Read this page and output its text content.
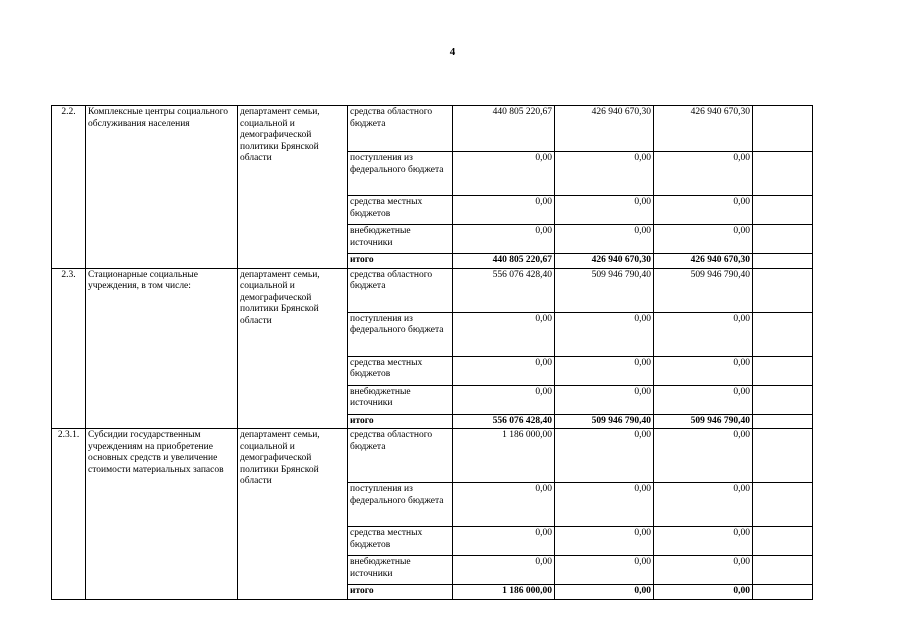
4
2.2.	Комплексные центры социального обслуживания населения	департамент семьи, социальной и демографической политики Брянской области	средства областного бюджета	440 805 220,67	426 940 670,30	426 940 670,30	
			поступления из федерального бюджета	0,00	0,00	0,00	
			средства местных бюджетов	0,00	0,00	0,00	
			внебюджетные источники	0,00	0,00	0,00	
			итого	440 805 220,67	426 940 670,30	426 940 670,30	
2.3.	Стационарные социальные учреждения, в том числе:	департамент семьи, социальной и демографической политики Брянской области	средства областного бюджета	556 076 428,40	509 946 790,40	509 946 790,40	
			поступления из федерального бюджета	0,00	0,00	0,00	
			средства местных бюджетов	0,00	0,00	0,00	
			внебюджетные источники	0,00	0,00	0,00	
			итого	556 076 428,40	509 946 790,40	509 946 790,40	
2.3.1.	Субсидии государственным учреждениям на приобретение основных средств и увеличение стоимости материальных запасов	департамент семьи, социальной и демографической политики Брянской области	средства областного бюджета	1 186 000,00	0,00	0,00	
			поступления из федерального бюджета	0,00	0,00	0,00	
			средства местных бюджетов	0,00	0,00	0,00	
			внебюджетные источники	0,00	0,00	0,00	
			итого	1 186 000,00	0,00	0,00	
